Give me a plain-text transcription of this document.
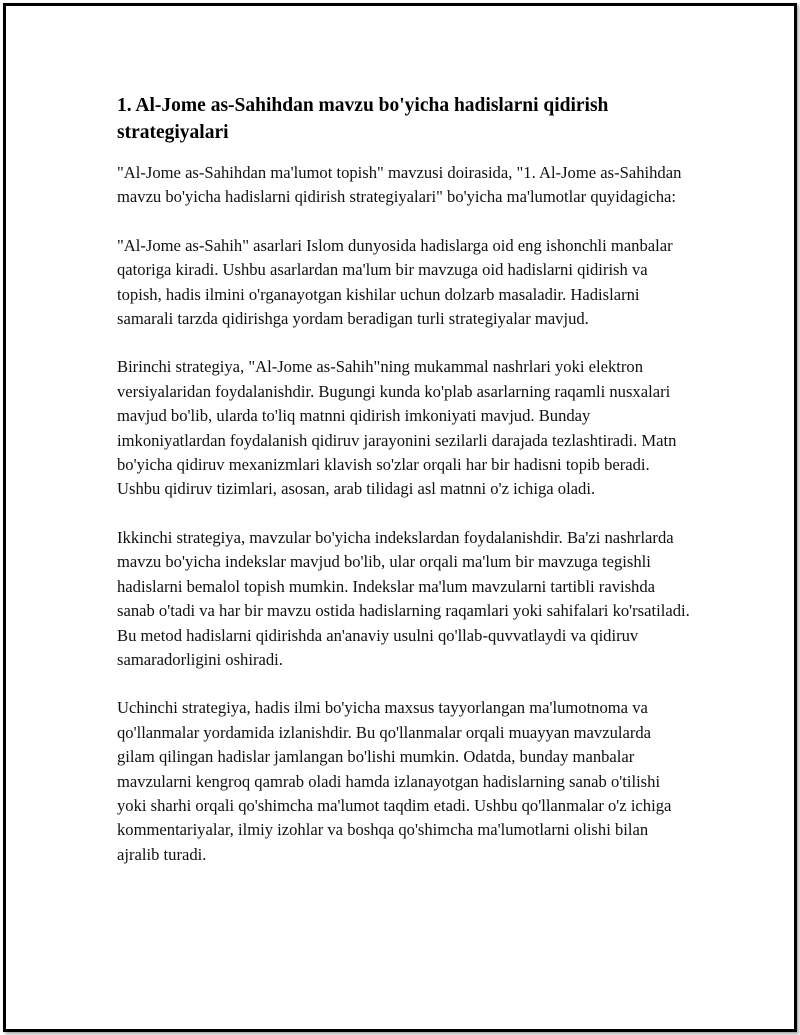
1. Al-Jome as-Sahihdan mavzu bo'yicha hadislarni qidirish strategiyalari

"Al-Jome as-Sahihdan ma'lumot topish" mavzusi doirasida, "1. Al-Jome as-Sahihdan mavzu bo'yicha hadislarni qidirish strategiyalari" bo'yicha ma'lumotlar quyidagicha:

"Al-Jome as-Sahih" asarlari Islom dunyosida hadislarga oid eng ishonchli manbalar qatoriga kiradi. Ushbu asarlardan ma'lum bir mavzuga oid hadislarni qidirish va topish, hadis ilmini o'rganayotgan kishilar uchun dolzarb masaladir. Hadislarni samarali tarzda qidirishga yordam beradigan turli strategiyalar mavjud.

Birinchi strategiya, "Al-Jome as-Sahih"ning mukammal nashrlari yoki elektron versiyalaridan foydalanishdir. Bugungi kunda ko'plab asarlarning raqamli nusxalari mavjud bo'lib, ularda to'liq matnni qidirish imkoniyati mavjud. Bunday imkoniyatlardan foydalanish qidiruv jarayonini sezilarli darajada tezlashtiradi. Matn bo'yicha qidiruv mexanizmlari klavish so'zlar orqali har bir hadisni topib beradi. Ushbu qidiruv tizimlari, asosan, arab tilidagi asl matnni o'z ichiga oladi.

Ikkinchi strategiya, mavzular bo'yicha indekslardan foydalanishdir. Ba'zi nashrlarda mavzu bo'yicha indekslar mavjud bo'lib, ular orqali ma'lum bir mavzuga tegishli hadislarni bemalol topish mumkin. Indekslar ma'lum mavzularni tartibli ravishda sanab o'tadi va har bir mavzu ostida hadislarning raqamlari yoki sahifalari ko'rsatiladi. Bu metod hadislarni qidirishda an'anaviy usulni qo'llab-quvvatlaydi va qidiruv samaradorligini oshiradi.

Uchinchi strategiya, hadis ilmi bo'yicha maxsus tayyorlangan ma'lumotnoma va qo'llanmalar yordamida izlanishdir. Bu qo'llanmalar orqali muayyan mavzularda gilam qilingan hadislar jamlangan bo'lishi mumkin. Odatda, bunday manbalar mavzularni kengroq qamrab oladi hamda izlanayotgan hadislarning sanab o'tilishi yoki sharhi orqali qo'shimcha ma'lumot taqdim etadi. Ushbu qo'llanmalar o'z ichiga kommentariyalar, ilmiy izohlar va boshqa qo'shimcha ma'lumotlarni olishi bilan ajralib turadi.
